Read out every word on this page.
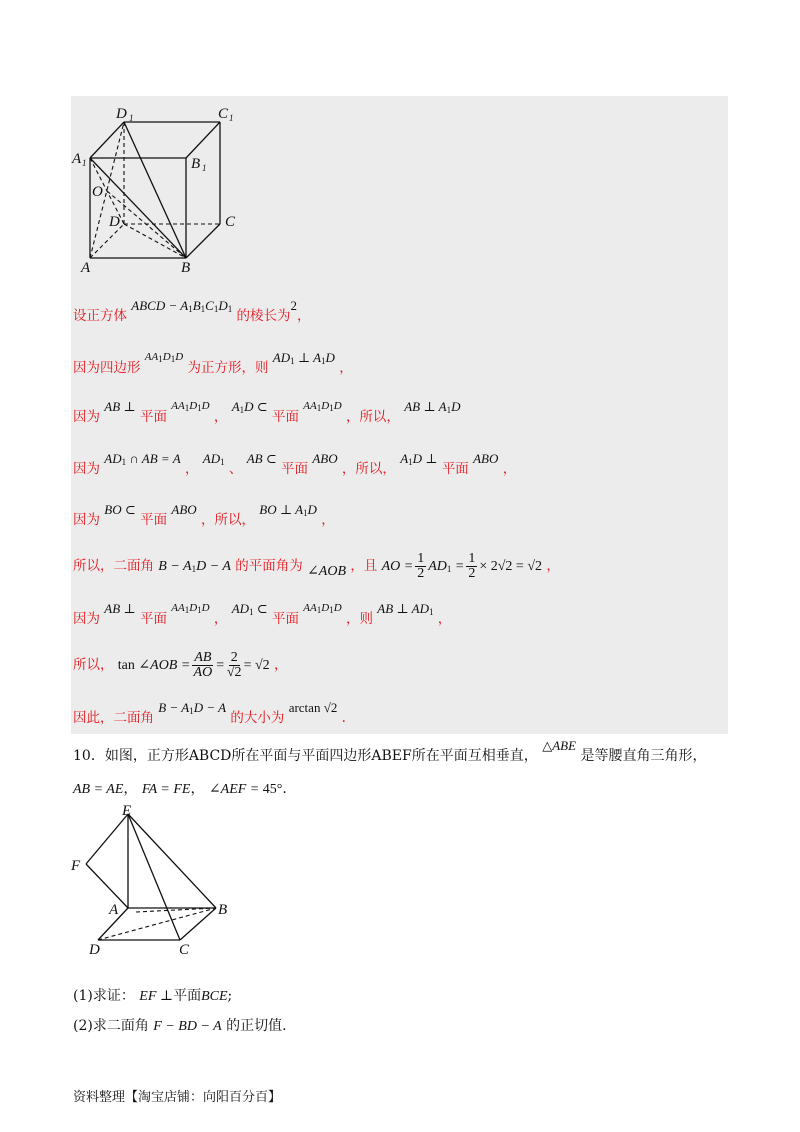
D 1	C 1
A 1	B 1
O
D	C
A	B
设正方体 ABCD − $A_1B_1C_1D_1$ 的棱长为2，
因为四边形 $^{AA_1D_1D}$ 为正方形，则 $AD_1$ ⊥ $A_1D$ ，
因为 AB ⊥ 平面 $^{AA_1D_1D}$ ， $A_1D$ ⊂ 平面 $^{AA_1D_1D}$ ，所以， AB ⊥ $A_1D$
因为 $AD_1$ ∩ AB = A ， $AD_1$ 、 AB ⊂ 平面 ABO ，所以， $A_1D$ ⊥ 平面 ABO ，
因为 BO ⊂ 平面 ABO ，所以， BO ⊥ $A_1D$ ，
所以，二面角 $B - A_1D - A$ 的平面角为 ∠AOB ，且 AO = $\frac{1}{2} AD_1 = \frac{1}{2} \times 2√2 = √2$ ，
因为 AB ⊥ 平面 $^{AA_1D_1D}$ ， $AD_1$ ⊂ 平面 $^{AA_1D_1D}$ ，则 AB ⊥ $AD_1$ ，
所以， tan ∠AOB = $\frac{AB}{AO} = \frac{2}{√2} = √2$ ，
因此，二面角 $B - A_1D - A$ 的大小为 arctan √2 .
10．如图，正方形ABCD所在平面与平面四边形ABEF所在平面互相垂直， △ABE 是等腰直角三角形，
AB = AE， FA = FE， ∠AEF = 45°.
E
F
A	B
D	C
(1)求证： EF ⊥平面BCE;
(2)求二面角 F − BD − A 的正切值.
资料整理【淘宝店铺：向阳百分百】
